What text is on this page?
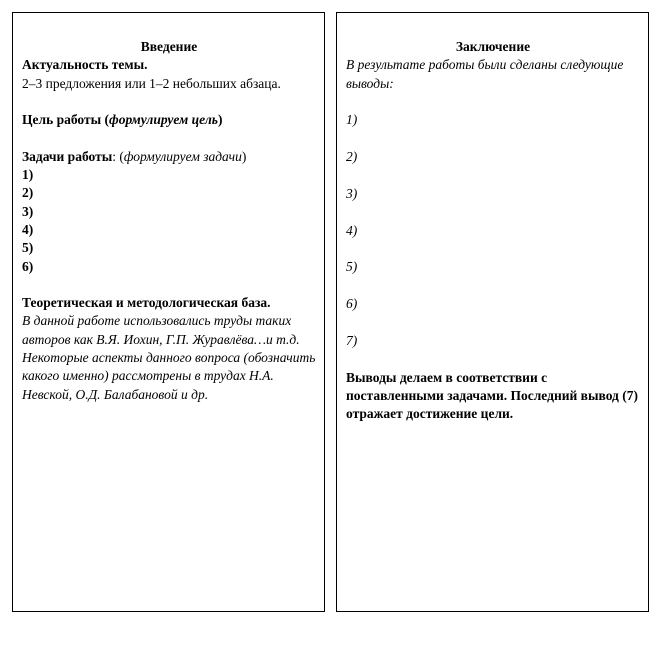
Введение
Актуальность темы.

2–3 предложения или 1–2 небольших абзаца.

Цель работы (формулируем цель)

Задачи работы: (формулируем задачи)

1)
2)
3)
4)
5)
6)

Теоретическая и методологическая база.

В данной работе использовались труды таких авторов как В.Я. Иохин, Г.П. Журавлёва…и т.д.

Некоторые аспекты данного вопроса (обозначить какого именно) рассмотрены в трудах Н.А. Невской, О.Д. Балабановой и др.

Заключение

В результате работы были сделаны следующие выводы:

1)
2)
3)
4)
5)
6)
7)

Выводы делаем в соответствии с поставленными задачами. Последний вывод (7) отражает достижение цели.
